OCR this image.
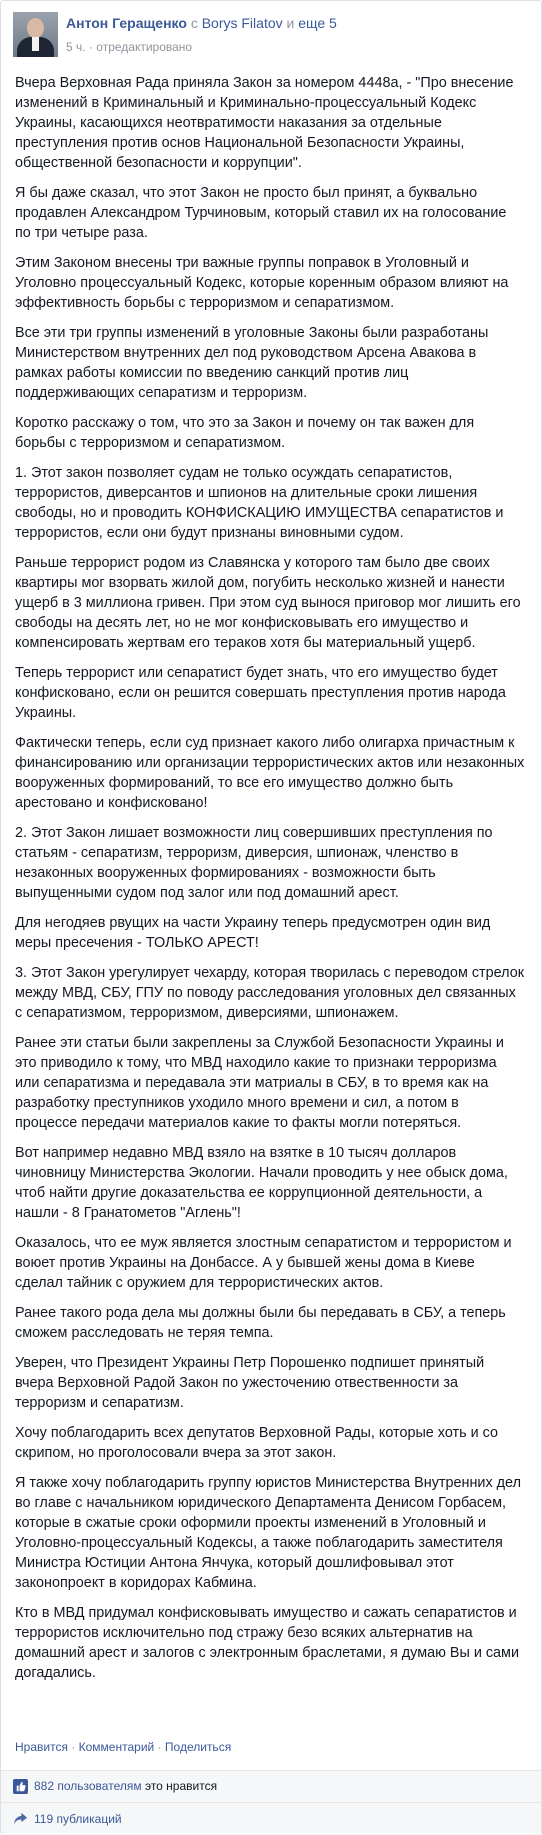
Антон Геращенко с Borys Filatov и еще 5
5 ч. · отредактировано

Вчера Верховная Рада приняла Закон за номером 4448а, - "Про внесение изменений в Криминальный и Криминально-процессуальный Кодекс Украины, касающихся неотвратимости наказания за отдельные преступления против основ Национальной Безопасности Украины, общественной безопасности и коррупции".

Я бы даже сказал, что этот Закон не просто был принят, а буквально продавлен Александром Турчиновым, который ставил их на голосование по три четыре раза.

Этим Законом внесены три важные группы поправок в Уголовный и Уголовно процессуальный Кодекс, которые коренным образом влияют на эффективность борьбы с терроризмом и сепаратизмом.

Все эти три группы изменений в уголовные Законы были разработаны Министерством внутренних дел под руководством Арсена Авакова в рамках работы комиссии по введению санкций против лиц поддерживающих сепаратизм и терроризм.

Коротко расскажу о том, что это за Закон и почему он так важен для борьбы с терроризмом и сепаратизмом.

1. Этот закон позволяет судам не только осуждать сепаратистов, террористов, диверсантов и шпионов на длительные сроки лишения свободы, но и проводить КОНФИСКАЦИЮ ИМУЩЕСТВА сепаратистов и террористов, если они будут признаны виновными судом.

Раньше террорист родом из Славянска у которого там было две своих квартиры мог взорвать жилой дом, погубить несколько жизней и нанести ущерб в 3 миллиона гривен. При этом суд вынося приговор мог лишить его свободы на десять лет, но не мог конфисковывать его имущество и компенсировать жертвам его тераков хотя бы материальный ущерб.

Теперь террорист или сепаратист будет знать, что его имущество будет конфисковано, если он решится совершать преступления против народа Украины.

Фактически теперь, если суд признает какого либо олигарха причастным к финансированию или организации террористических актов или незаконных вооруженных формирований, то все его имущество должно быть арестовано и конфисковано!

2. Этот Закон лишает возможности лиц совершивших преступления по статьям - сепаратизм, терроризм, диверсия, шпионаж, членство в незаконных вооруженных формированиях - возможности быть выпущенными судом под залог или под домашний арест.

Для негодяев рвущих на части Украину теперь предусмотрен один вид меры пресечения - ТОЛЬКО АРЕСТ!

3. Этот Закон урегулирует чехарду, которая творилась с переводом стрелок между МВД, СБУ, ГПУ по поводу расследования уголовных дел связанных с сепаратизмом, терроризмом, диверсиями, шпионажем.

Ранее эти статьи были закреплены за Службой Безопасности Украины и это приводило к тому, что МВД находило какие то признаки терроризма или сепаратизма и передавала эти матриалы в СБУ, в то время как на разработку преступников уходило много времени и сил, а потом в процессе передачи материалов какие то факты могли потеряться.

Вот например недавно МВД взяло на взятке в 10 тысяч долларов чиновницу Министерства Экологии. Начали проводить у нее обыск дома, чтоб найти другие доказательства ее коррупционной деятельности, а нашли - 8 Гранатометов "Аглень"!

Оказалось, что ее муж является злостным сепаратистом и террористом и воюет против Украины на Донбассе. А у бывшей жены дома в Киеве сделал тайник с оружием для террористических актов.

Ранее такого рода дела мы должны были бы передавать в СБУ, а теперь сможем расследовать не теряя темпа.

Уверен, что Президент Украины Петр Порошенко подпишет принятый вчера Верховной Радой Закон по ужесточению отвественности за терроризм и сепаратизм.

Хочу поблагодарить всех депутатов Верховной Рады, которые хоть и со скрипом, но проголосовали вчера за этот закон.

Я также хочу поблагодарить группу юристов Министерства Внутренних дел во главе с начальником юридического Департамента Денисом Горбасем, которые в сжатые сроки оформили проекты изменений в Уголовный и Уголовно-процессуальный Кодексы, а также поблагодарить заместителя Министра Юстиции Антона Янчука, который дошлифовывал этот законопроект в коридорах Кабмина.

Кто в МВД придумал конфисковывать имущество и сажать сепаратистов и террористов исключительно под стражу безо всяких альтернатив на домашний арест и залогов с электронным браслетами, я думаю Вы и сами догадались.

Нравится · Комментарий · Поделиться
882 пользователям это нравится
119 публикаций
